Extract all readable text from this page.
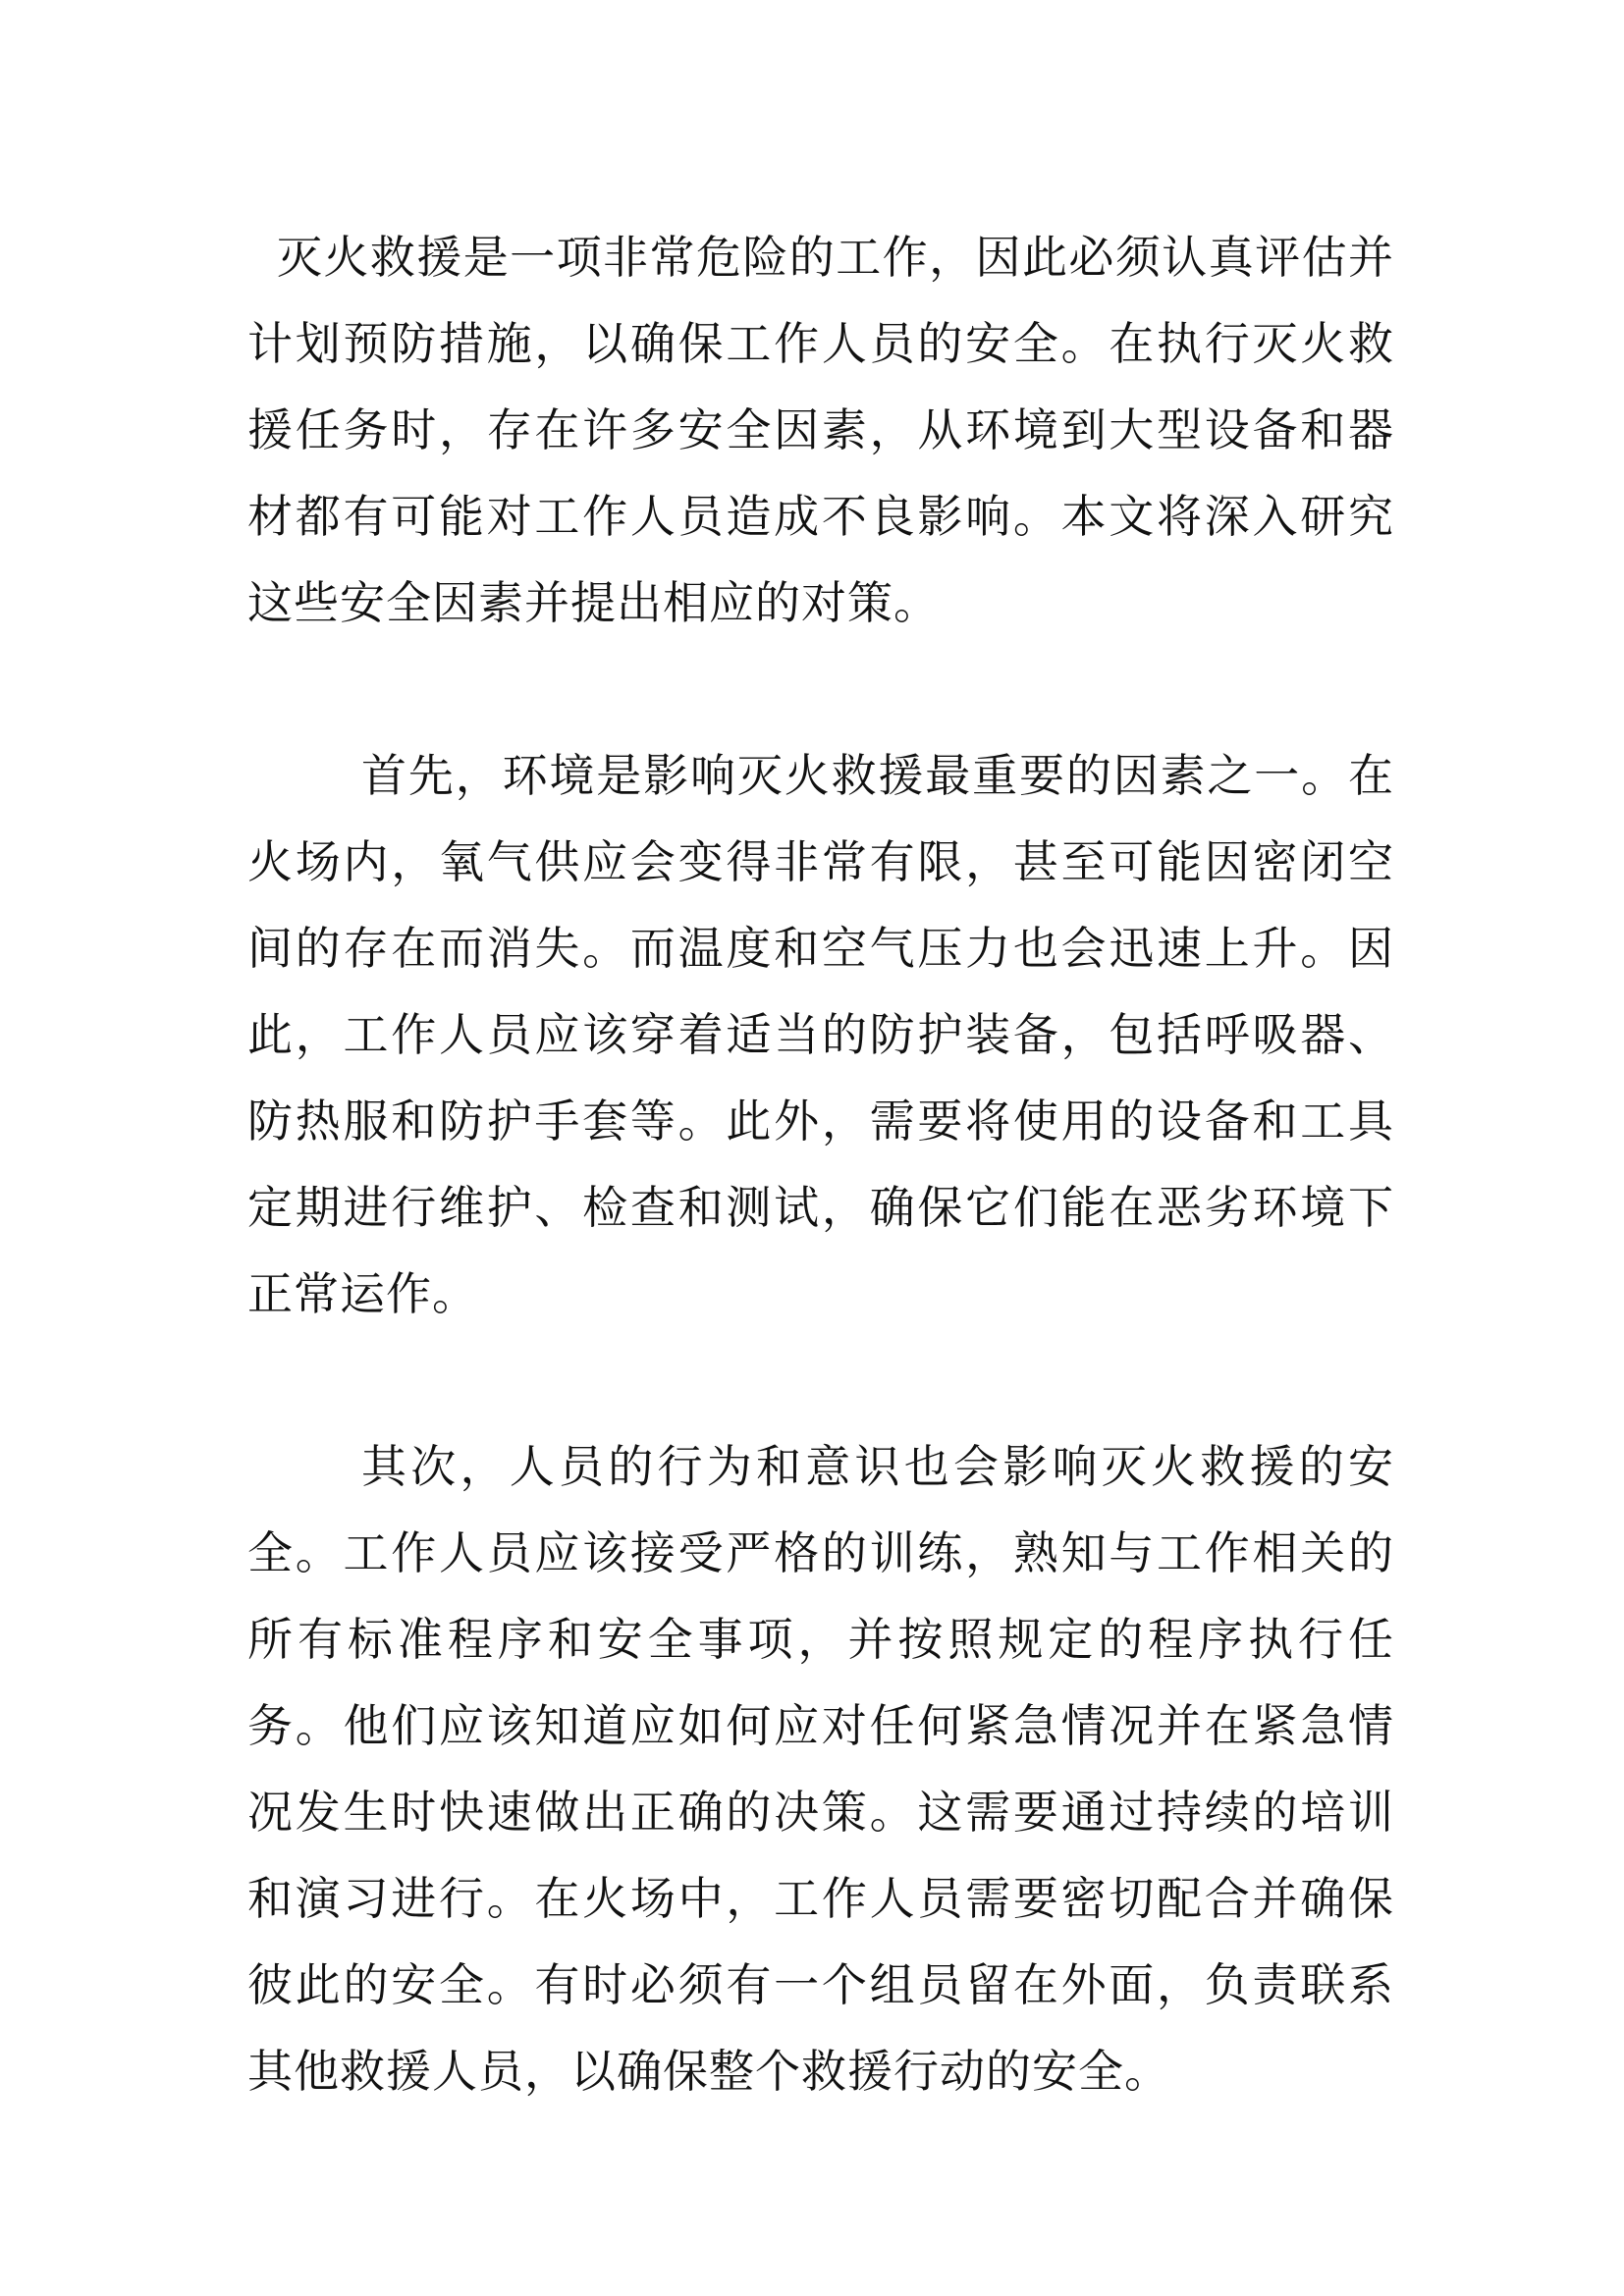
灭火救援是一项非常危险的工作，因此必须认真评估并计划预防措施，以确保工作人员的安全。在执行灭火救援任务时，存在许多安全因素，从环境到大型设备和器材都有可能对工作人员造成不良影响。本文将深入研究这些安全因素并提出相应的对策。

首先，环境是影响灭火救援最重要的因素之一。在火场内，氧气供应会变得非常有限，甚至可能因密闭空间的存在而消失。而温度和空气压力也会迅速上升。因此，工作人员应该穿着适当的防护装备，包括呼吸器、防热服和防护手套等。此外，需要将使用的设备和工具定期进行维护、检查和测试，确保它们能在恶劣环境下正常运作。

其次，人员的行为和意识也会影响灭火救援的安全。工作人员应该接受严格的训练，熟知与工作相关的所有标准程序和安全事项，并按照规定的程序执行任务。他们应该知道应如何应对任何紧急情况并在紧急情况发生时快速做出正确的决策。这需要通过持续的培训和演习进行。在火场中，工作人员需要密切配合并确保彼此的安全。有时必须有一个组员留在外面，负责联系其他救援人员，以确保整个救援行动的安全。
